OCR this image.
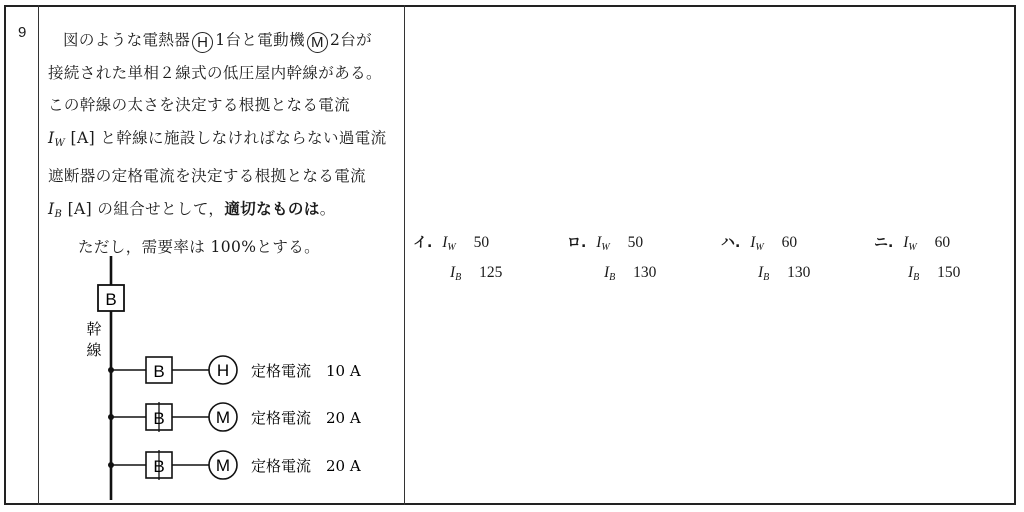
9	図のような電熱器 H 1台と電動機 M 2台が

接続された単相２線式の低圧屋内幹線がある。

この幹線の太さを決定する根拠となる電流

$I_W$ [A] と幹線に施設しなければならない過電流

遮断器の定格電流を決定する根拠となる電流

$I_B$ [A] の組合せとして，適切なものは。

ただし，需要率は 100%とする。

B
幹
線
B	H 定格電流　10 A
B	M 定格電流　20 A
B	M 定格電流　20 A
イ. $I_W$ 50
$I_B$ 125
ロ. $I_W$ 50
$I_B$ 130
ハ. $I_W$ 60
$I_B$ 130
ニ. $I_W$ 60
$I_B$ 150
